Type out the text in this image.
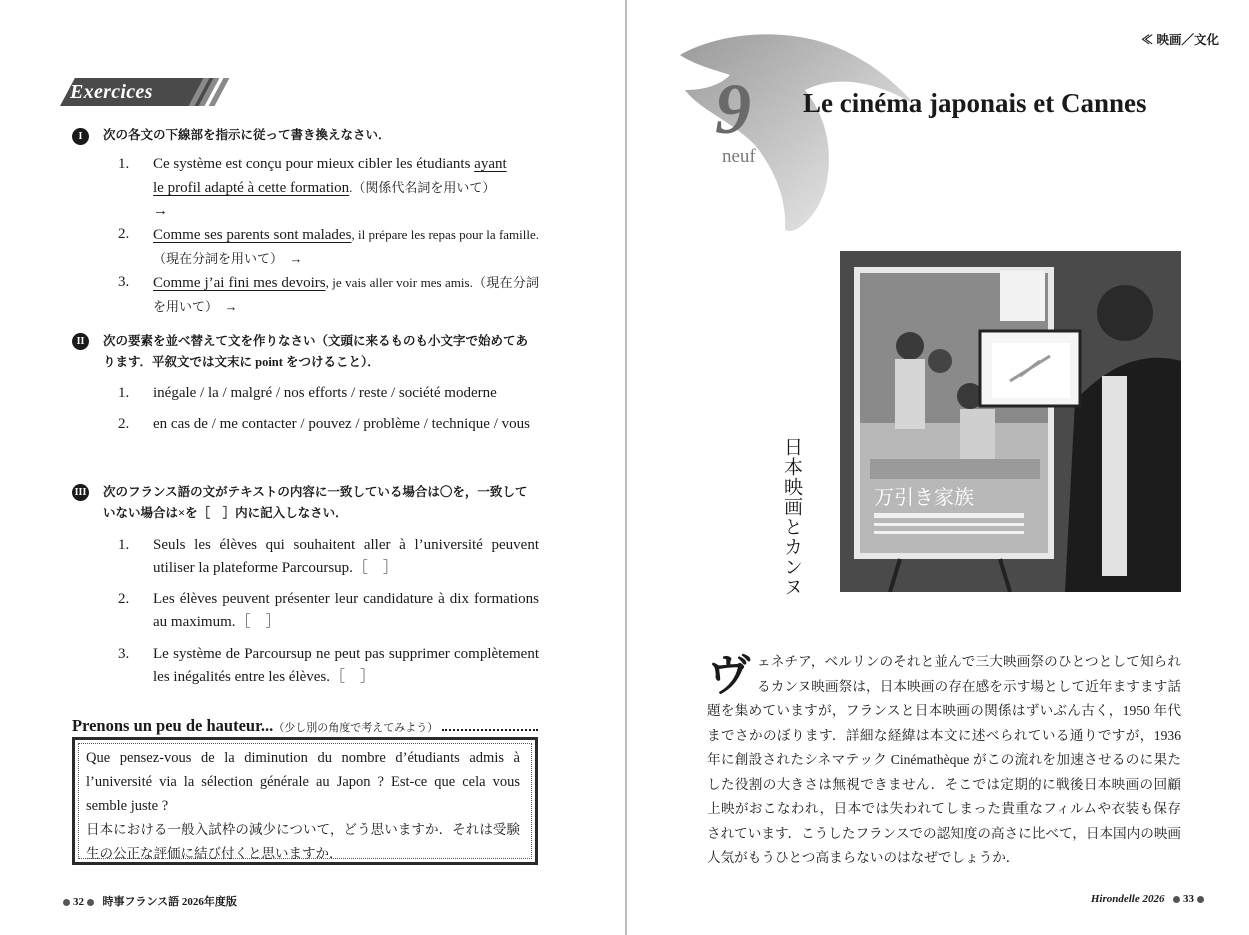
Exercices
I	次の各文の下線部を指示に従って書き換えなさい．
1. Ce système est conçu pour mieux cibler les étudiants ayant
le profil adapté à cette formation.（関係代名詞を用いて）
→
2. Comme ses parents sont malades, il prépare les repas pour la famille.（現在分詞を用いて）　→
3. Comme j’ai fini mes devoirs, je vais aller voir mes amis.（現在分詞を用いて）　→
II	次の要素を並べ替えて文を作りなさい（文頭に来るものも小文字で始めてあります．平叙文では文末に point をつけること）．
1. inégale / la / malgré / nos efforts / reste / société moderne
2. en cas de / me contacter / pouvez / problème / technique / vous
III 次のフランス語の文がテキストの内容に一致している場合は〇を，一致していない場合は×を［　］内に記入しなさい．
1. Seuls les élèves qui souhaitent aller à l’université peuvent utiliser la plateforme Parcoursup.［　］
2. Les élèves peuvent présenter leur candidature à dix formations au maximum.［　］
3. Le système de Parcoursup ne peut pas supprimer complètement les inégalités entre les élèves.［　］
Prenons un peu de hauteur...（少し別の角度で考えてみよう）
Que pensez-vous de la diminution du nombre d’étudiants admis à l’université via la sélection générale au Japon ? Est-ce que cela vous semble juste ?
日本における一般入試枠の減少について，どう思いますか．それは受験生の公正な評価に結び付くと思いますか．
32 時事フランス語 2026年度版
≪ 映画／文化
9
neuf
Le cinéma japonais et Cannes
日本映画とカンヌ	万引き家族
ヴェネチア，ベルリンのそれと並んで三大映画祭のひとつとして知られるカンヌ映画祭は，日本映画の存在感を示す場として近年ますます話題を集めていますが，フランスと日本映画の関係はずいぶん古く，1950 年代までさかのぼります．詳細な経緯は本文に述べられている通りですが，1936 年に創設されたシネマテック Cinémathèque がこの流れを加速させるのに果たした役割の大きさは無視できません．そこでは定期的に戦後日本映画の回顧上映がおこなわれ，日本では失われてしまった貴重なフィルムや衣装も保存されています．こうしたフランスでの認知度の高さに比べて，日本国内の映画人気がもうひとつ高まらないのはなぜでしょうか．
Hirondelle 2026 33
